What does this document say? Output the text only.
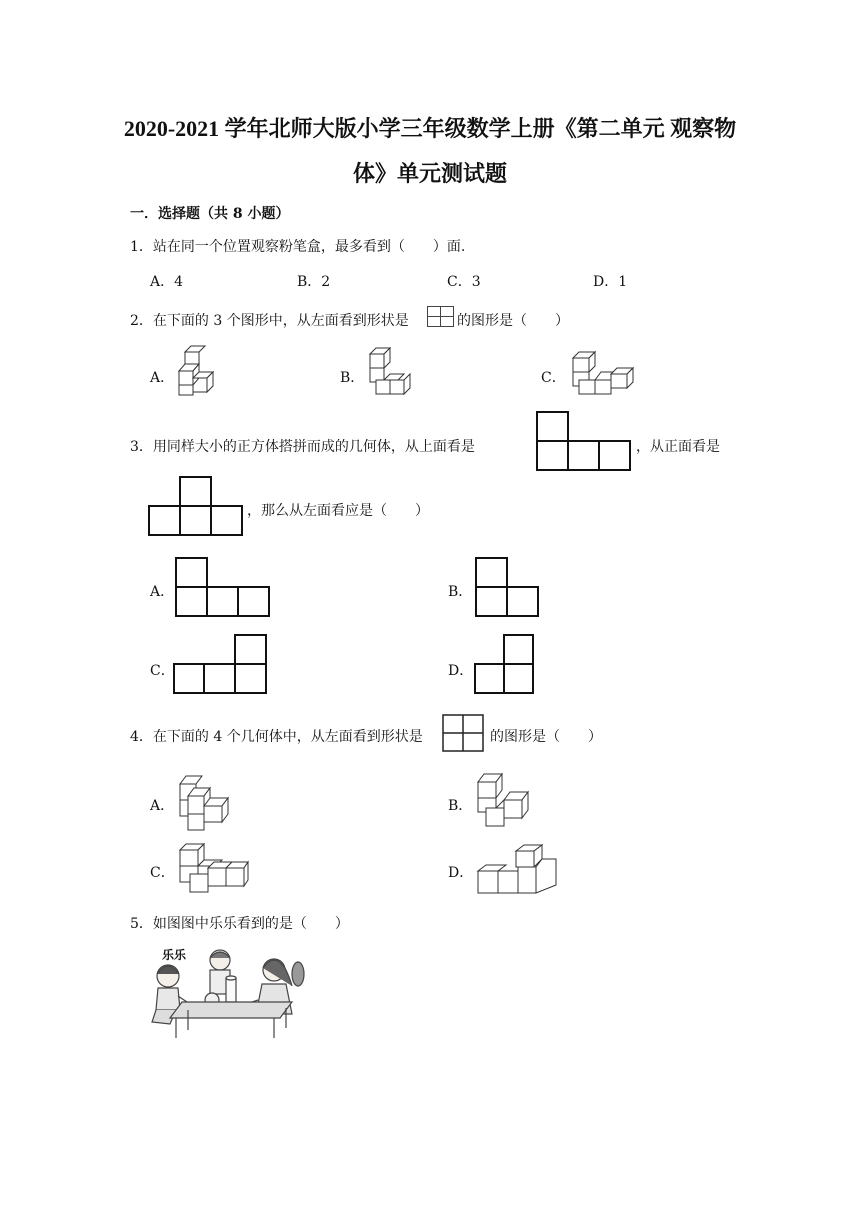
2020-2021 学年北师大版小学三年级数学上册《第二单元 观察物
体》单元测试题
一．选择题（共 8 小题）
1．站在同一个位置观察粉笔盒，最多看到（　　）面.
A．4	B．2	C．3	D．1
2．在下面的 3 个图形中，从左面看到形状是	的图形是（　　）
A．	B．	C．
3．用同样大小的正方体搭拼而成的几何体，从上面看是	，从正面看是
，那么从左面看应是（　　）
A．	B．
C．	D．
4．在下面的 4 个几何体中，从左面看到形状是	的图形是（　　）
A．	B．
C．	D．
5．如图图中乐乐看到的是（　　）
乐乐
